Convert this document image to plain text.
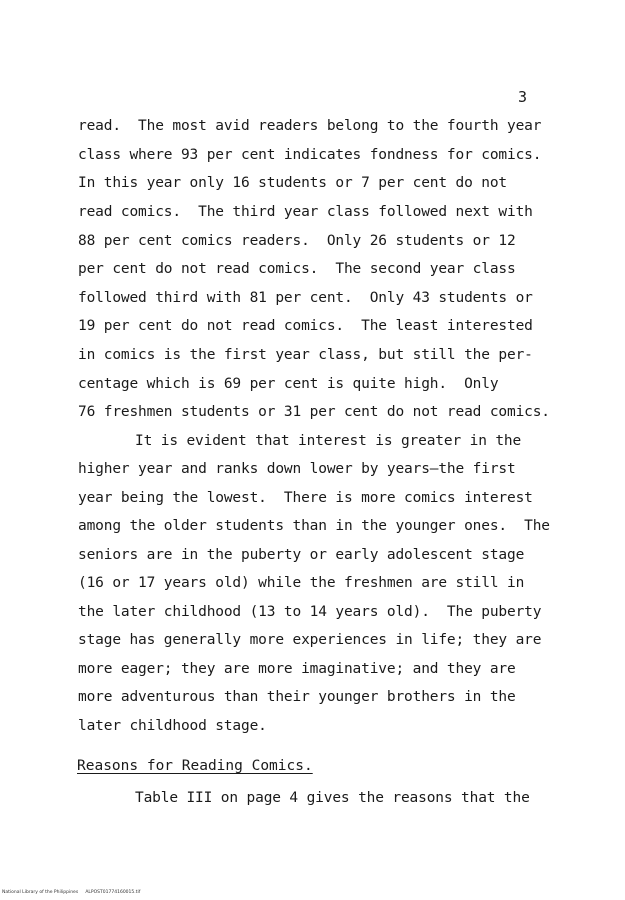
3
read.  The most avid readers belong to the fourth year
class where 93 per cent indicates fondness for comics.
In this year only 16 students or 7 per cent do not
read comics.  The third year class followed next with
88 per cent comics readers.  Only 26 students or 12
per cent do not read comics.  The second year class
followed third with 81 per cent.  Only 43 students or
19 per cent do not read comics.  The least interested
in comics is the first year class, but still the per-
centage which is 69 per cent is quite high.  Only
76 freshmen students or 31 per cent do not read comics.
It is evident that interest is greater in the
higher year and ranks down lower by years—the first
year being the lowest.  There is more comics interest
among the older students than in the younger ones.  The
seniors are in the puberty or early adolescent stage
(16 or 17 years old) while the freshmen are still in
the later childhood (13 to 14 years old).  The puberty
stage has generally more experiences in life; they are
more eager; they are more imaginative; and they are
more adventurous than their younger brothers in the
later childhood stage.
Reasons for Reading Comics.
Table III on page 4 gives the reasons that the
National Library of the Philippines     ALPOST01774160015.tif
